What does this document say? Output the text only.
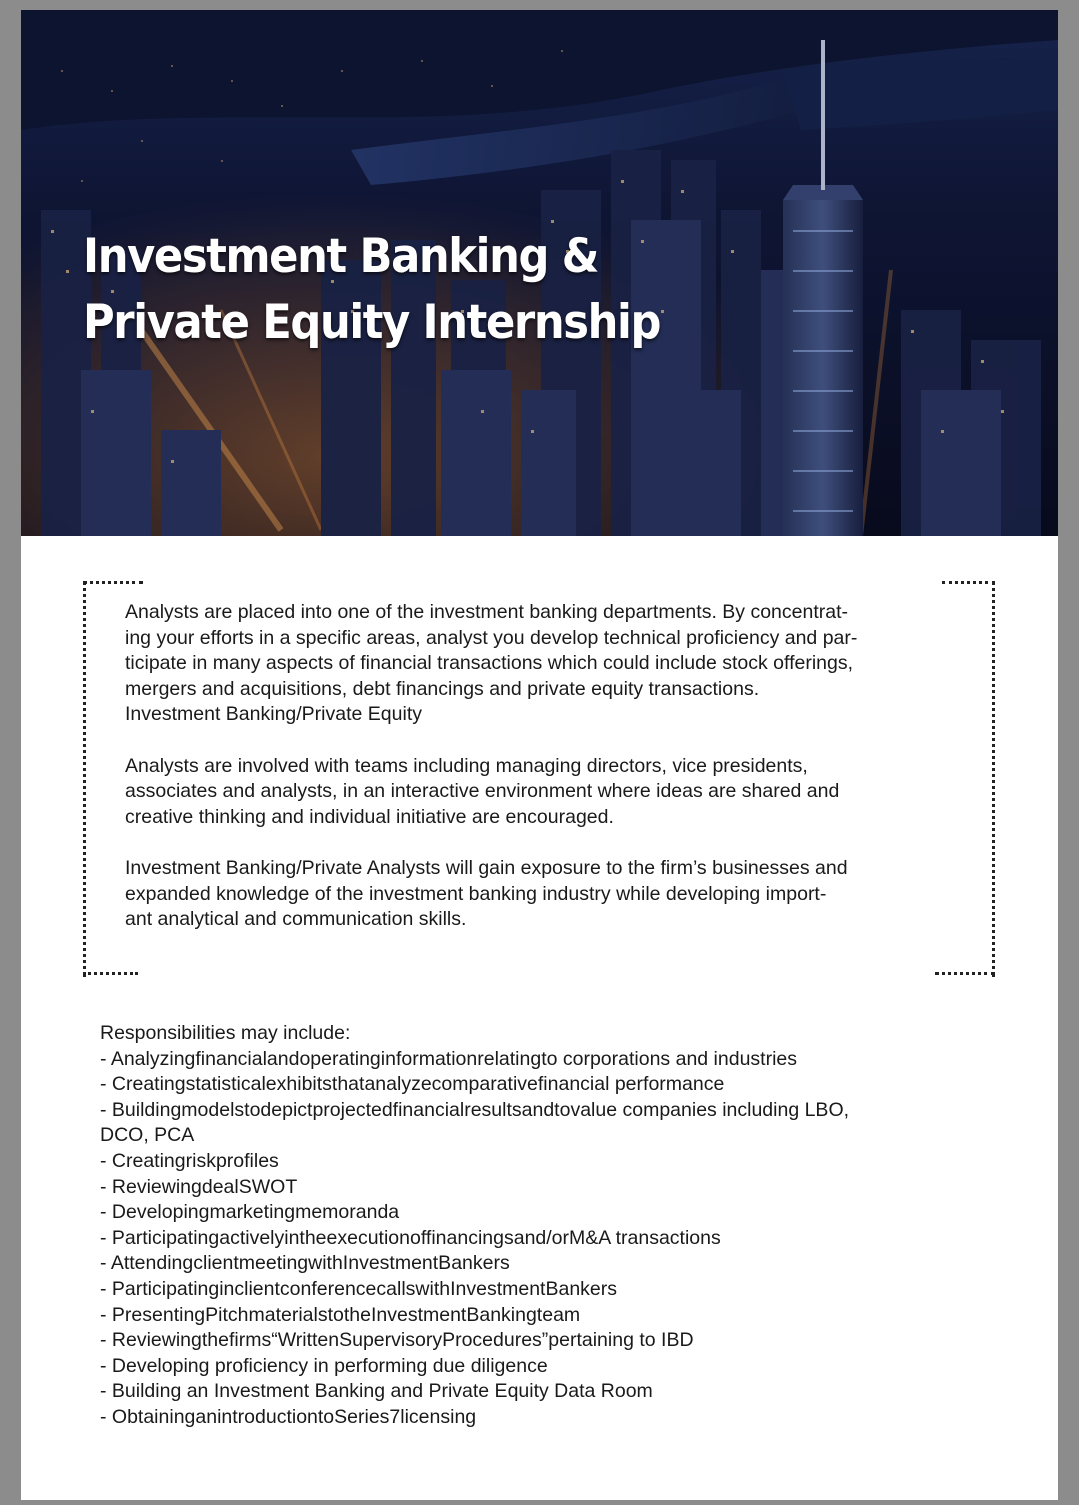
Investment Banking &
Private Equity Internship

Analysts are placed into one of the investment banking departments. By concentrat-
ing your efforts in a specific areas, analyst you develop technical proficiency and par-
ticipate in many aspects of financial transactions which could include stock offerings,
mergers and acquisitions, debt financings and private equity transactions.
Investment Banking/Private Equity

Analysts are involved with teams including managing directors, vice presidents,
associates and analysts, in an interactive environment where ideas are shared and
creative thinking and individual initiative are encouraged.

Investment Banking/Private Analysts will gain exposure to the firm’s businesses and
expanded knowledge of the investment banking industry while developing import-
ant analytical and communication skills.

Responsibilities may include:
- Analyzingfinancialandoperatinginformationrelatingto corporations and industries
- Creatingstatisticalexhibitsthatanalyzecomparativefinancial performance
- Buildingmodelstodepictprojectedfinancialresultsandtovalue companies including LBO,
DCO, PCA
- Creatingriskprofiles
- ReviewingdealSWOT
- Developingmarketingmemoranda
- Participatingactivelyintheexecutionoffinancingsand/orM&A transactions
- AttendingclientmeetingwithInvestmentBankers
- ParticipatinginclientconferencecallswithInvestmentBankers
- PresentingPitchmaterialstotheInvestmentBankingteam
- Reviewingthefirms“WrittenSupervisoryProcedures”pertaining to IBD
- Developing proficiency in performing due diligence
- Building an Investment Banking and Private Equity Data Room
- ObtaininganintroductiontoSeries7licensing
